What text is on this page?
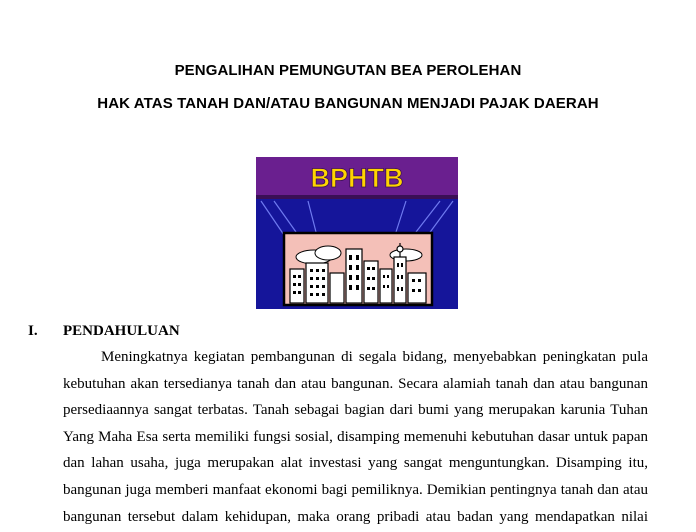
PENGALIHAN PEMUNGUTAN BEA PEROLEHAN
HAK ATAS TANAH DAN/ATAU BANGUNAN MENJADI PAJAK DAERAH
BPHTB
I. PENDAHULUAN
Meningkatnya kegiatan pembangunan di segala bidang, menyebabkan peningkatan pula
kebutuhan akan tersedianya tanah dan atau bangunan. Secara alamiah tanah dan atau bangunan
persediaannya sangat terbatas. Tanah sebagai bagian dari bumi yang merupakan karunia Tuhan
Yang Maha Esa serta memiliki fungsi sosial, disamping memenuhi kebutuhan dasar untuk papan
dan lahan usaha, juga merupakan alat investasi yang sangat menguntungkan. Disamping itu,
bangunan juga memberi manfaat ekonomi bagi pemiliknya. Demikian pentingnya tanah dan atau
bangunan tersebut dalam kehidupan, maka orang pribadi atau badan yang mendapatkan nilai
